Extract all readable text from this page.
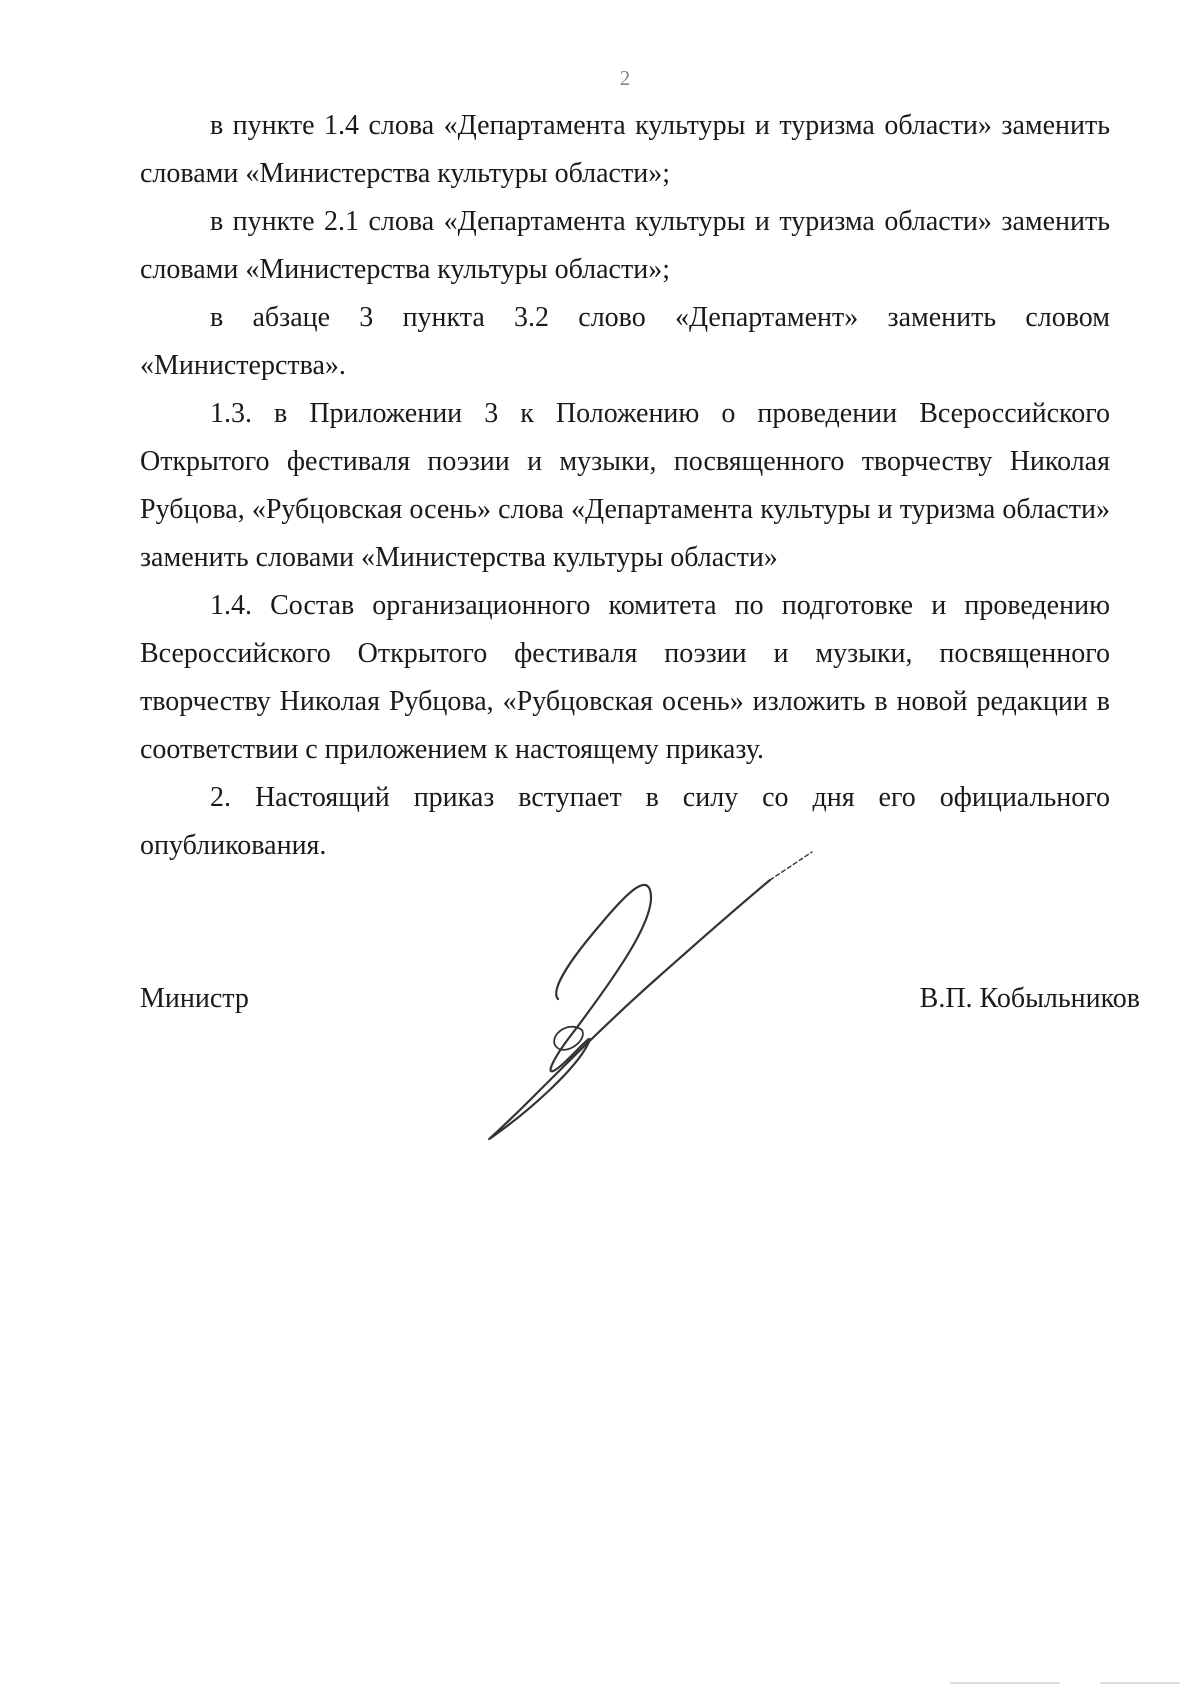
2

в пункте 1.4 слова «Департамента культуры и туризма области» заменить словами «Министерства культуры области»;

в пункте 2.1 слова «Департамента культуры и туризма области» заменить словами «Министерства культуры области»;

в абзаце 3 пункта 3.2 слово «Департамент» заменить словом «Министерства».

1.3. в Приложении 3 к Положению о проведении Всероссийского Открытого фестиваля поэзии и музыки, посвященного творчеству Николая Рубцова, «Рубцовская осень» слова «Департамента культуры и туризма области» заменить словами «Министерства культуры области»

1.4. Состав организационного комитета по подготовке и проведению Всероссийского Открытого фестиваля поэзии и музыки, посвященного творчеству Николая Рубцова, «Рубцовская осень» изложить в новой редакции в соответствии с приложением к настоящему приказу.

2. Настоящий приказ вступает в силу со дня его официального опубликования.

Министр	В.П. Кобыльников
